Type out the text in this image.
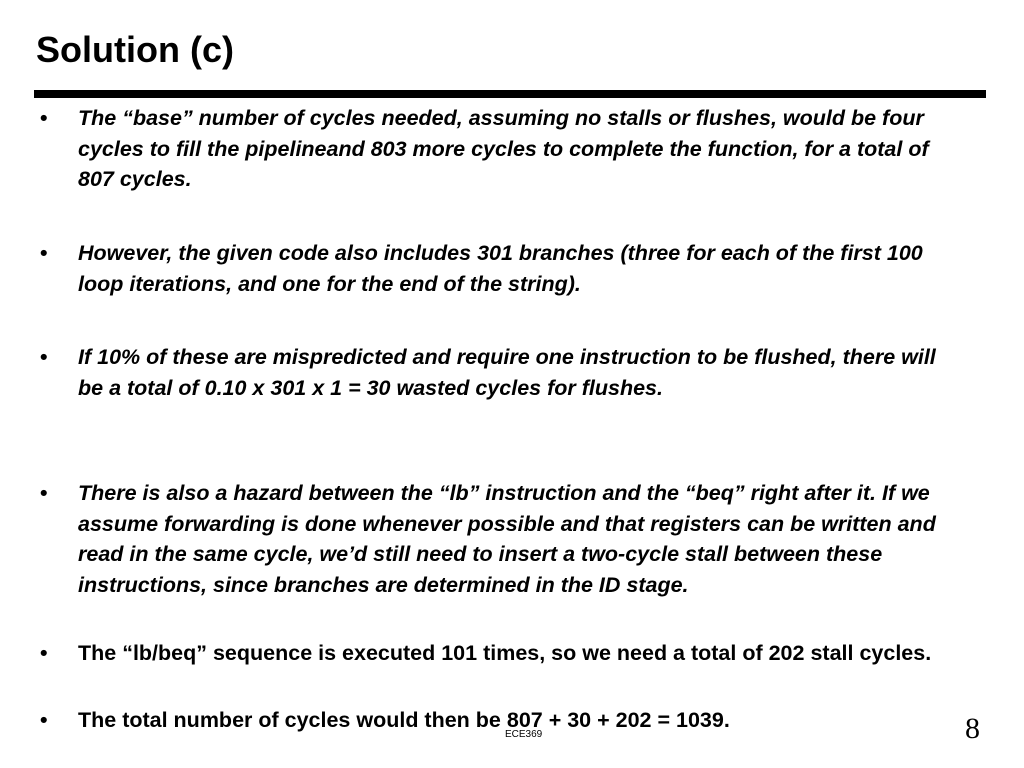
Solution (c)
•	The “base” number of cycles needed, assuming no stalls or flushes, would be four cycles to fill the pipelineand 803 more cycles to complete the function, for a total of 807 cycles.
•	However, the given code also includes 301 branches (three for each of the first 100 loop iterations, and one for the end of the string).
•	If 10% of these are mispredicted and require one instruction to be flushed, there will be a total of 0.10 x 301 x 1 = 30 wasted cycles for flushes.
•	There is also a hazard between the “lb” instruction and the “beq” right after it. If we assume forwarding is done whenever possible and that registers can be written and read in the same cycle, we’d still need to insert a two-cycle stall between these instructions, since branches are determined in the ID stage.
•	The “lb/beq” sequence is executed 101 times, so we need a total of 202 stall cycles.
•	The total number of cycles would then be 807 + 30 + 202 = 1039.
ECE369	8
